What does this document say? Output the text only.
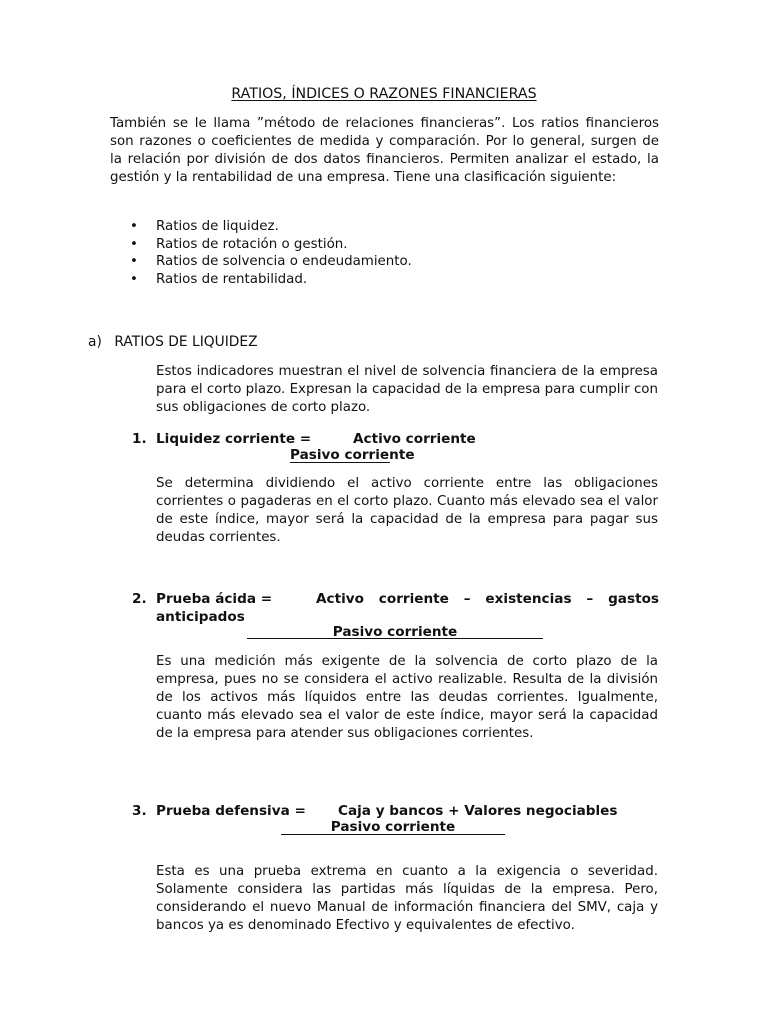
RATIOS, ÍNDICES O RAZONES FINANCIERAS

También se le llama ”método de relaciones financieras”. Los ratios financieros son razones o coeficientes de medida y comparación. Por lo general, surgen de la relación por división de dos datos financieros. Permiten analizar el estado, la gestión y la rentabilidad de una empresa. Tiene una clasificación siguiente:

• Ratios de liquidez.
• Ratios de rotación o gestión.
• Ratios de solvencia o endeudamiento.
• Ratios de rentabilidad.
a) RATIOS DE LIQUIDEZ

Estos indicadores muestran el nivel de solvencia financiera de la empresa para el corto plazo. Expresan la capacidad de la empresa para cumplir con sus obligaciones de corto plazo.

1. Liquidez corriente =	Activo corriente
Pasivo corriente

Se determina dividiendo el activo corriente entre las obligaciones corrientes o pagaderas en el corto plazo. Cuanto más elevado sea el valor de este índice, mayor será la capacidad de la empresa para pagar sus deudas corrientes.

2. Prueba ácida =	Activo corriente – existencias – gastos
anticipados
Pasivo corriente

Es una medición más exigente de la solvencia de corto plazo de la empresa, pues no se considera el activo realizable. Resulta de la división de los activos más líquidos entre las deudas corrientes. Igualmente, cuanto más elevado sea el valor de este índice, mayor será la capacidad de la empresa para atender sus obligaciones corrientes.

3. Prueba defensiva = Caja y bancos + Valores negociables
Pasivo corriente

Esta es una prueba extrema en cuanto a la exigencia o severidad. Solamente considera las partidas más líquidas de la empresa. Pero, considerando el nuevo Manual de información financiera del SMV, caja y bancos ya es denominado Efectivo y equivalentes de efectivo.
